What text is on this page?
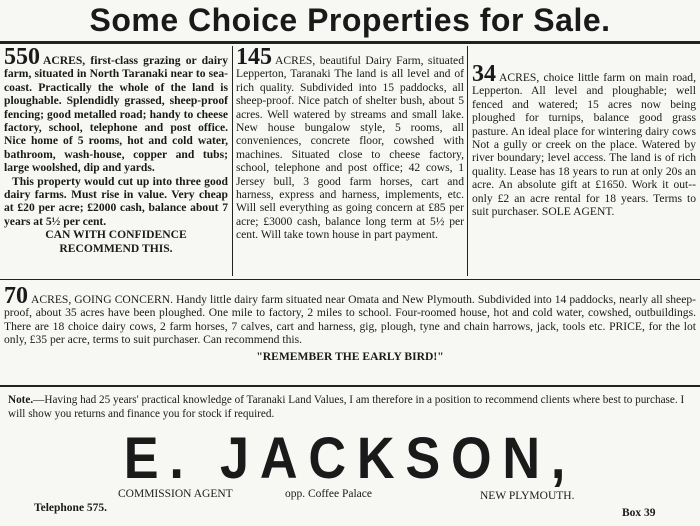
Some Choice Properties for Sale.

550 ACRES, first-class grazing or dairy farm, situated in North Taranaki near to sea-coast. Practically the whole of the land is ploughable. Splendidly grassed, sheep-proof fencing; good metalled road; handy to cheese factory, school, telephone and post office. Nice home of 5 rooms, hot and cold water, bathroom, wash-house, copper and tubs; large woolshed, dip and yards.

This property would cut up into three good dairy farms. Must rise in value. Very cheap at £20 per acre; £2000 cash, balance about 7 years at 5½ per cent.

CAN WITH CONFIDENCE RECOMMEND THIS.

145 ACRES, beautiful Dairy Farm, situated Lepperton, Taranaki The land is all level and of rich quality. Subdivided into 15 paddocks, all sheep-proof. Nice patch of shelter bush, about 5 acres. Well watered by streams and small lake. New house bungalow style, 5 rooms, all conveniences, concrete floor, cowshed with machines. Situated close to cheese factory, school, telephone and post office; 42 cows, 1 Jersey bull, 3 good farm horses, cart and harness, express and harness, implements, etc. Will sell everything as going concern at £85 per acre; £3000 cash, balance long term at 5½ per cent. Will take town house in part payment.

34 ACRES, choice little farm on main road, Lepperton. All level and ploughable; well fenced and watered; 15 acres now being ploughed for turnips, balance good grass pasture. An ideal place for wintering dairy cows Not a gully or creek on the place. Watered by river boundary; level access. The land is of rich quality. Lease has 18 years to run at only 20s an acre. An absolute gift at £1650. Work it out--only £2 an acre rental for 18 years. Terms to suit purchaser. SOLE AGENT.

70 ACRES, GOING CONCERN. Handy little dairy farm situated near Omata and New Plymouth. Subdivided into 14 paddocks, nearly all sheep-proof, about 35 acres have been ploughed. One mile to factory, 2 miles to school. Four-roomed house, hot and cold water, cowshed, outbuildings. There are 18 choice dairy cows, 2 farm horses, 7 calves, cart and harness, gig, plough, tyne and chain harrows, jack, tools etc. PRICE, for the lot only, £35 per acre, terms to suit purchaser. Can recommend this.

"REMEMBER THE EARLY BIRD!"

Note.—Having had 25 years' practical knowledge of Taranaki Land Values, I am therefore in a position to recommend clients where best to purchase. I will show you returns and finance you for stock if required.
E. JACKSON,
COMMISSION AGENT	opp. Coffee Palace	NEW PLYMOUTH.
Telephone 575.	Box 39
